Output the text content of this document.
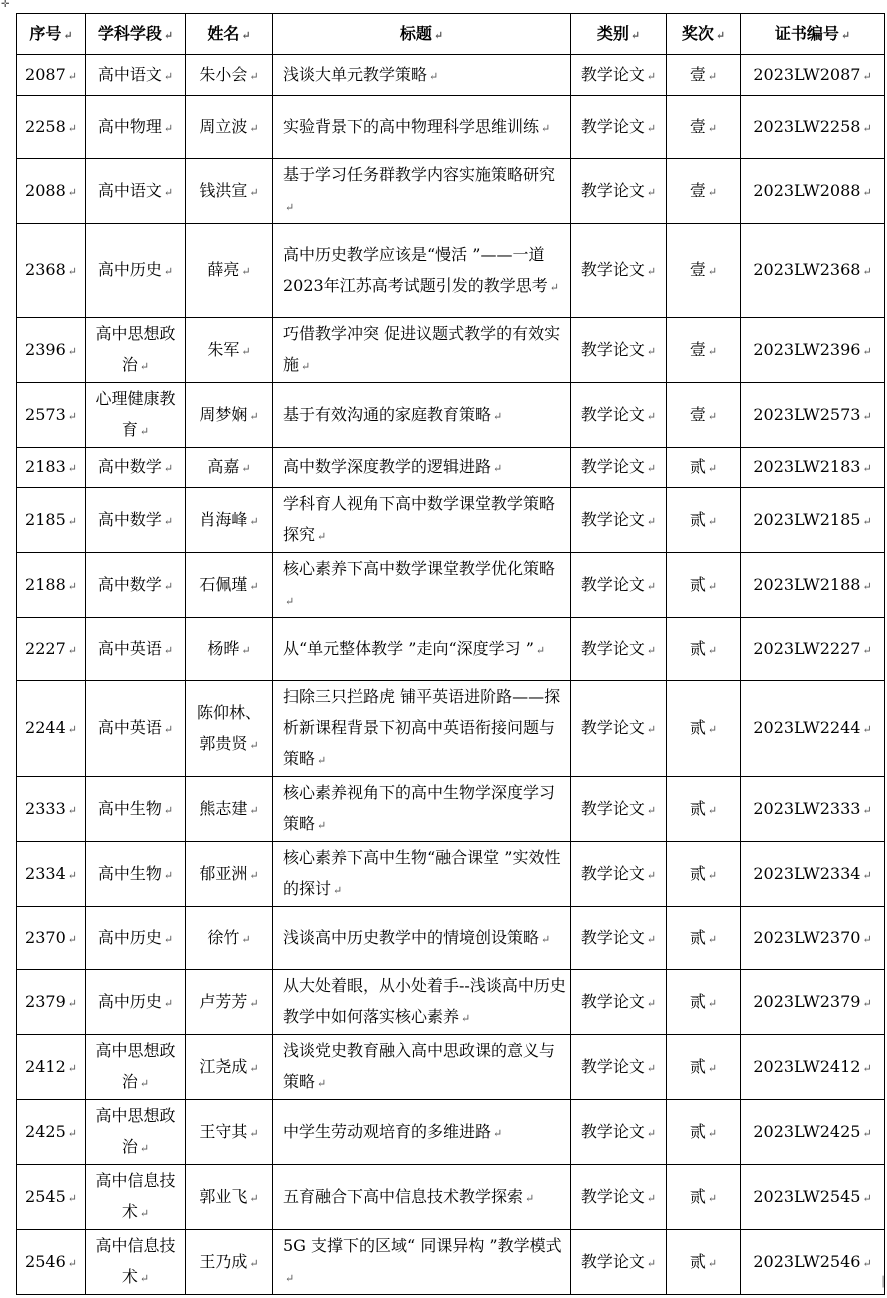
✛
│
序号 ↵	学科学段 ↵	姓名 ↵	标题 ↵	类别 ↵	奖次 ↵	证书编号 ↵
2087 ↵	高中语文 ↵	朱小会 ↵	浅谈大单元教学策略 ↵	教学论文 ↵	壹 ↵	2023LW2087 ↵
2258 ↵	高中物理 ↵	周立波 ↵	实验背景下的高中物理科学思维训练 ↵	教学论文 ↵	壹 ↵	2023LW2258 ↵
2088 ↵	高中语文 ↵	钱洪宣 ↵	基于学习任务群教学内容实施策略研究 ↵	教学论文 ↵	壹 ↵	2023LW2088 ↵
2368 ↵	高中历史 ↵	薛亮 ↵	高中历史教学应该是“慢活 ”——一道2023年江苏高考试题引发的教学思考 ↵	教学论文 ↵	壹 ↵	2023LW2368 ↵
2396 ↵	高中思想政治 ↵	朱军 ↵	巧借教学冲突 促进议题式教学的有效实施 ↵	教学论文 ↵	壹 ↵	2023LW2396 ↵
2573 ↵	心理健康教育 ↵	周梦娴 ↵	基于有效沟通的家庭教育策略 ↵	教学论文 ↵	壹 ↵	2023LW2573 ↵
2183 ↵	高中数学 ↵	高嘉 ↵	高中数学深度教学的逻辑进路 ↵	教学论文 ↵	贰 ↵	2023LW2183 ↵
2185 ↵	高中数学 ↵	肖海峰 ↵	学科育人视角下高中数学课堂教学策略探究 ↵	教学论文 ↵	贰 ↵	2023LW2185 ↵
2188 ↵	高中数学 ↵	石佩瑾 ↵	核心素养下高中数学课堂教学优化策略 ↵	教学论文 ↵	贰 ↵	2023LW2188 ↵
2227 ↵	高中英语 ↵	杨晔 ↵	从“单元整体教学 ”走向“深度学习 ” ↵	教学论文 ↵	贰 ↵	2023LW2227 ↵
2244 ↵	高中英语 ↵	陈仰林、郭贵贤 ↵	扫除三只拦路虎 铺平英语进阶路——探析新课程背景下初高中英语衔接问题与策略 ↵	教学论文 ↵	贰 ↵	2023LW2244 ↵
2333 ↵	高中生物 ↵	熊志建 ↵	核心素养视角下的高中生物学深度学习策略 ↵	教学论文 ↵	贰 ↵	2023LW2333 ↵
2334 ↵	高中生物 ↵	郁亚洲 ↵	核心素养下高中生物“融合课堂 ”实效性的探讨 ↵	教学论文 ↵	贰 ↵	2023LW2334 ↵
2370 ↵	高中历史 ↵	徐竹 ↵	浅谈高中历史教学中的情境创设策略 ↵	教学论文 ↵	贰 ↵	2023LW2370 ↵
2379 ↵	高中历史 ↵	卢芳芳 ↵	从大处着眼，从小处着手--浅谈高中历史教学中如何落实核心素养 ↵	教学论文 ↵	贰 ↵	2023LW2379 ↵
2412 ↵	高中思想政治 ↵	江尧成 ↵	浅谈党史教育融入高中思政课的意义与策略 ↵	教学论文 ↵	贰 ↵	2023LW2412 ↵
2425 ↵	高中思想政治 ↵	王守其 ↵	中学生劳动观培育的多维进路 ↵	教学论文 ↵	贰 ↵	2023LW2425 ↵
2545 ↵	高中信息技术 ↵	郭业飞 ↵	五育融合下高中信息技术教学探索 ↵	教学论文 ↵	贰 ↵	2023LW2545 ↵
2546 ↵	高中信息技术 ↵	王乃成 ↵	5G 支撑下的区域“ 同课异构 ”教学模式 ↵	教学论文 ↵	贰 ↵	2023LW2546 ↵
